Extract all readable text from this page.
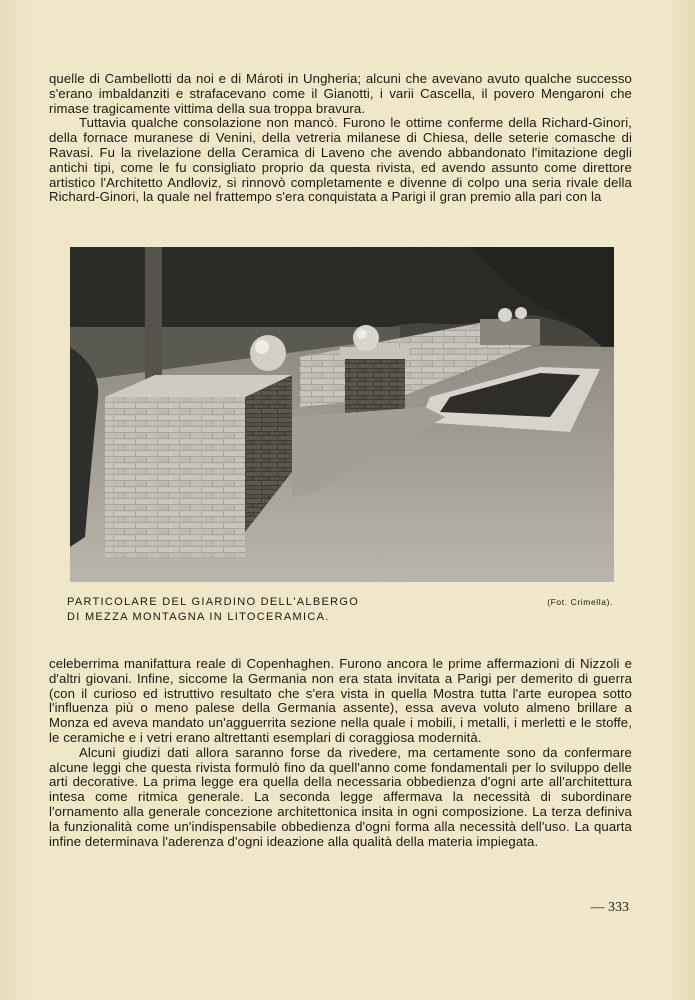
quelle di Cambellotti da noi e di Mároti in Ungheria; alcuni che avevano avuto qualche successo s'erano imbaldanziti e strafacevano come il Gianotti, i varii Cascella, il povero Mengaroni che rimase tragicamente vittima della sua troppa bravura.

Tuttavia qualche consolazione non mancò. Furono le ottime conferme della Richard-Ginori, della fornace muranese di Venini, della vetreria milanese di Chiesa, delle seterie comasche di Ravasi. Fu la rivelazione della Ceramica di Laveno che avendo abbandonato l'imitazione degli antichi tipi, come le fu consigliato proprio da questa rivista, ed avendo assunto come direttore artistico l'Architetto Andloviz, si rinnovò completamente e divenne di colpo una seria rivale della Richard-Ginori, la quale nel frattempo s'era conquistata a Parigi il gran premio alla pari con la

PARTICOLARE DEL GIARDINO DELL'ALBERGO
DI MEZZA MONTAGNA IN LITOCERAMICA.
(Fot. Crimella).

celeberrima manifattura reale di Copenhaghen. Furono ancora le prime affermazioni di Nizzoli e d'altri giovani. Infine, siccome la Germania non era stata invitata a Parigi per demerito di guerra (con il curioso ed istruttivo resultato che s'era vista in quella Mostra tutta l'arte europea sotto l'influenza più o meno palese della Germania assente), essa aveva voluto almeno brillare a Monza ed aveva mandato un'agguerrita sezione nella quale i mobili, i metalli, i merletti e le stoffe, le ceramiche e i vetri erano altrettanti esemplari di coraggiosa modernità.

Alcuni giudizi dati allora saranno forse da rivedere, ma certamente sono da confermare alcune leggi che questa rivista formulò fino da quell'anno come fondamentali per lo sviluppo delle arti decorative. La prima legge era quella della necessaria obbedienza d'ogni arte all'architettura intesa come ritmica generale. La seconda legge affermava la necessità di subordinare l'ornamento alla generale concezione architettonica insita in ogni composizione. La terza definiva la funzionalità come un'indispensabile obbedienza d'ogni forma alla necessità dell'uso. La quarta infine determinava l'aderenza d'ogni ideazione alla qualità della materia impiegata.

— 333
